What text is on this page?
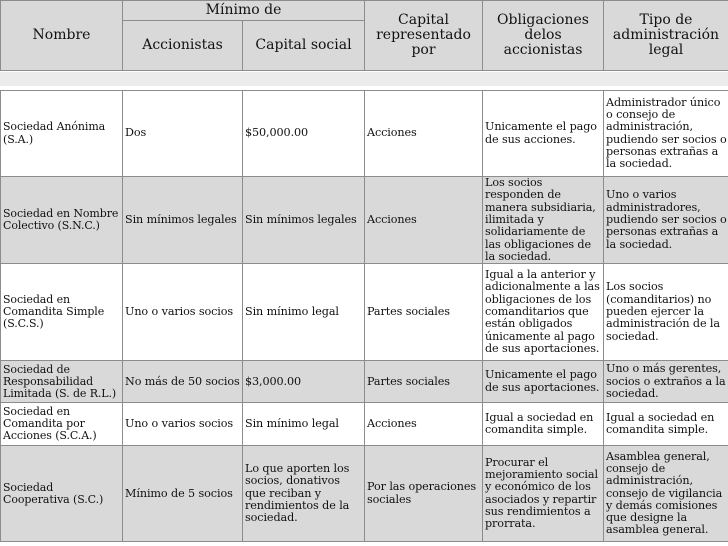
Nombre	Mínimo de		Capital representado por	Obligaciones delos accionistas	Tipo de administración legal
	Accionistas	Capital social			
Sociedad Anónima (S.A.)	Dos	$50,000.00	Acciones	Unicamente el pago de sus acciones.	Administrador único o consejo de administración, pudiendo ser socios o personas extrañas a la sociedad.
Sociedad en Nombre Colectivo (S.N.C.)	Sin mínimos legales	Sin mínimos legales	Acciones	Los socios responden de manera subsidiaria, ilimitada y solidariamente de las obligaciones de la sociedad.	Uno o varios administradores, pudiendo ser socios o personas extrañas a la sociedad.
Sociedad en Comandita Simple (S.C.S.)	Uno o varios socios	Sin mínimo legal	Partes sociales	Igual a la anterior y adicionalmente a las obligaciones de los comanditarios que están obligados únicamente al pago de sus aportaciones.	Los socios (comanditarios) no pueden ejercer la administración de la sociedad.
Sociedad de Responsabilidad Limitada (S. de R.L.)	No más de 50 socios	$3,000.00	Partes sociales	Unicamente el pago de sus aportaciones.	Uno o más gerentes, socios o extraños a la sociedad.
Sociedad en Comandita por Acciones (S.C.A.)	Uno o varios socios	Sin mínimo legal	Acciones	Igual a sociedad en comandita simple.	Igual a sociedad en comandita simple.
Sociedad Cooperativa (S.C.)	Mínimo de 5 socios	Lo que aporten los socios, donativos que reciban y rendimientos de la sociedad.	Por las operaciones sociales	Procurar el mejoramiento social y económico de los asociados y repartir sus rendimientos a prorrata.	Asamblea general, consejo de administración, consejo de vigilancia y demás comisiones que designe la asamblea general.
